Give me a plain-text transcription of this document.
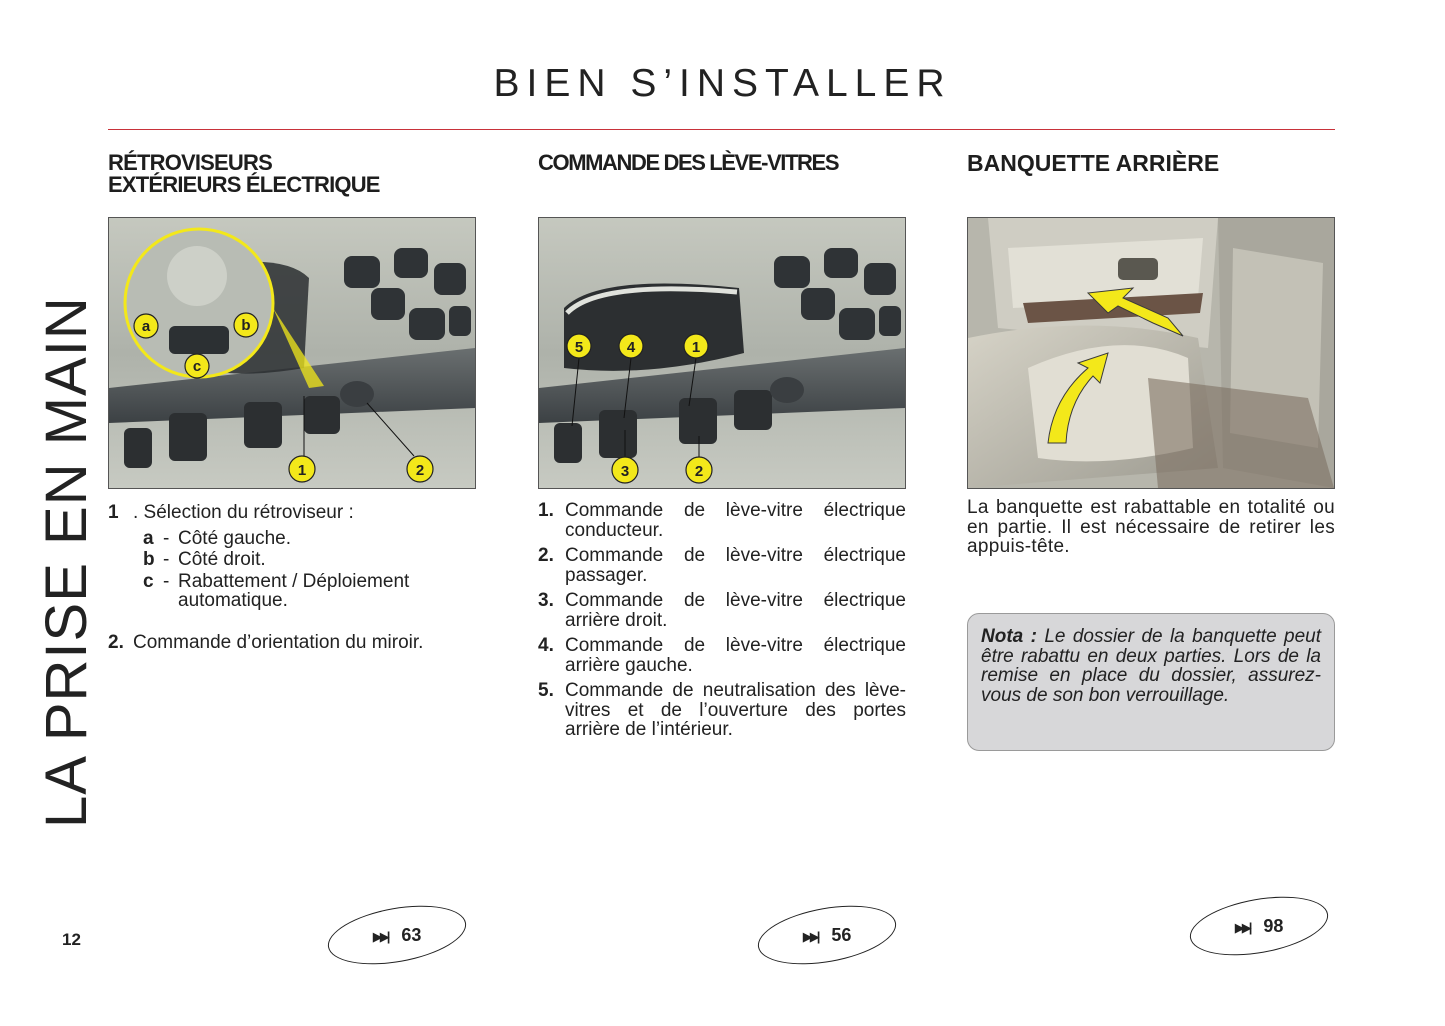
BIEN S’INSTALLER
LA PRISE EN MAIN
12
RÉTROVISEURS
EXTÉRIEURS ÉLECTRIQUE
a	b
c
1	2
1 . Sélection du rétroviseur :
a - Côté gauche.
b - Côté droit.
c - Rabattement / Déploiement automatique.
2. Commande d’orientation du miroir.
COMMANDE DES LÈVE-VITRES
5	4	1
3	2
1. Commande de lève-vitre électrique conducteur.
2. Commande de lève-vitre électrique passager.
3. Commande de lève-vitre électrique arrière droit.
4. Commande de lève-vitre électrique arrière gauche.
5. Commande de neutralisation des lève-vitres et de l’ouverture des portes arrière de l’intérieur.
BANQUETTE ARRIÈRE
La banquette est rabattable en totalité ou en partie. Il est nécessaire de retirer les appuis-tête.
Nota : Le dossier de la banquette peut être rabattu en deux parties. Lors de la remise en place du dossier, assurez-vous de son bon verrouillage.
▶▶| 63	▶▶| 56	▶▶| 98
